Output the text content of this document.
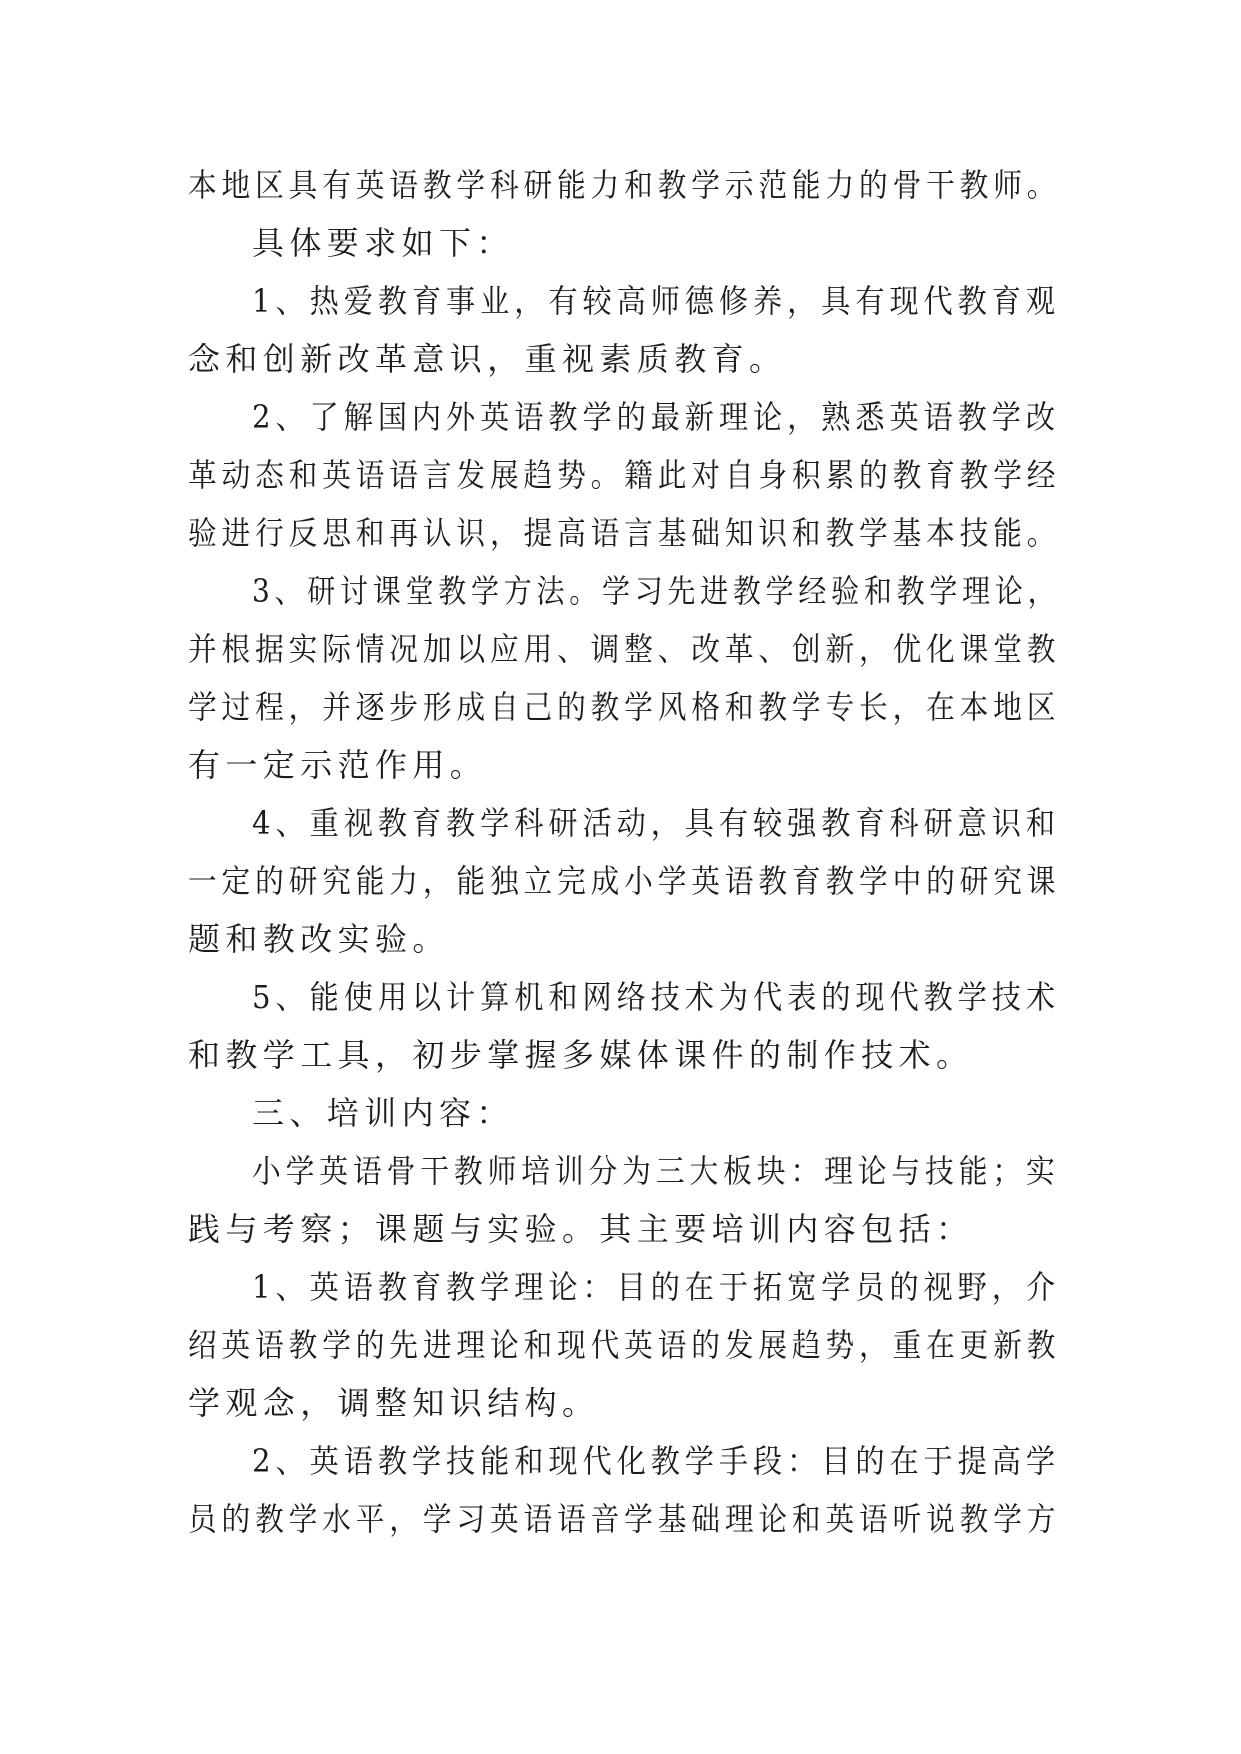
本地区具有英语教学科研能力和教学示范能力的骨干教师。
具体要求如下：
1、热爱教育事业，有较高师德修养，具有现代教育观
念和创新改革意识，重视素质教育。
2、了解国内外英语教学的最新理论，熟悉英语教学改
革动态和英语语言发展趋势。籍此对自身积累的教育教学经
验进行反思和再认识，提高语言基础知识和教学基本技能。
3、研讨课堂教学方法。学习先进教学经验和教学理论，
并根据实际情况加以应用、调整、改革、创新，优化课堂教
学过程，并逐步形成自己的教学风格和教学专长，在本地区
有一定示范作用。
4、重视教育教学科研活动，具有较强教育科研意识和
一定的研究能力，能独立完成小学英语教育教学中的研究课
题和教改实验。
5、能使用以计算机和网络技术为代表的现代教学技术
和教学工具，初步掌握多媒体课件的制作技术。
三、培训内容：
小学英语骨干教师培训分为三大板块：理论与技能；实
践与考察；课题与实验。其主要培训内容包括：
1、英语教育教学理论：目的在于拓宽学员的视野，介
绍英语教学的先进理论和现代英语的发展趋势，重在更新教
学观念，调整知识结构。
2、英语教学技能和现代化教学手段：目的在于提高学
员的教学水平，学习英语语音学基础理论和英语听说教学方
